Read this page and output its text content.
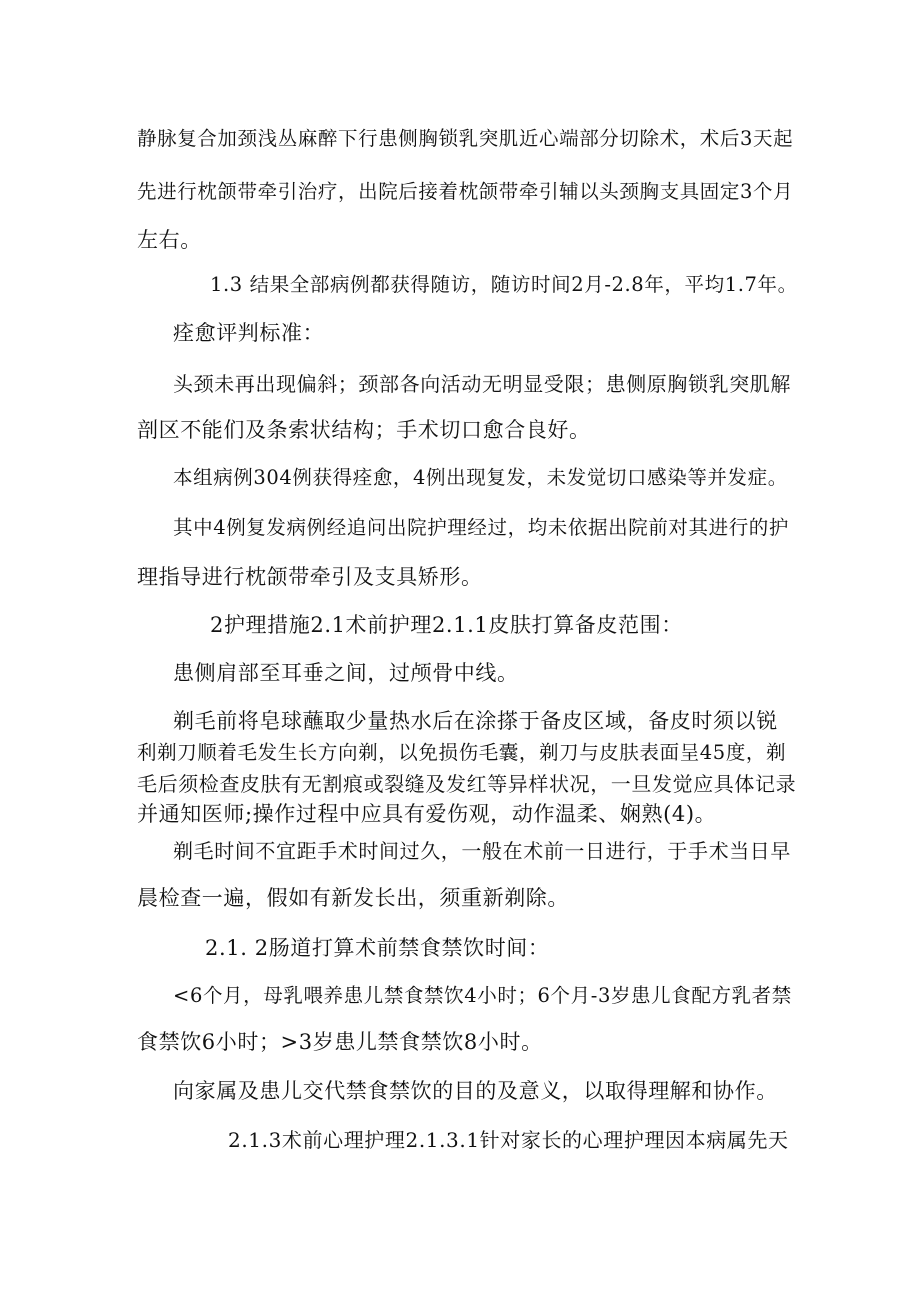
静脉复合加颈浅丛麻醉下行患侧胸锁乳突肌近心端部分切除术，术后3天起
先进行枕颌带牵引治疗，出院后接着枕颌带牵引辅以头颈胸支具固定3个月
左右。
1.3 结果全部病例都获得随访，随访时间2月-2.8年，平均1.7年。
痊愈评判标准：
头颈未再出现偏斜；颈部各向活动无明显受限；患侧原胸锁乳突肌解
剖区不能们及条索状结构；手术切口愈合良好。
本组病例304例获得痊愈，4例出现复发，未发觉切口感染等并发症。
其中4例复发病例经追问出院护理经过，均未依据出院前对其进行的护
理指导进行枕颌带牵引及支具矫形。
2护理措施2.1术前护理2.1.1皮肤打算备皮范围：
患侧肩部至耳垂之间，过颅骨中线。
剃毛前将皂球蘸取少量热水后在涂搽于备皮区域，备皮时须以锐
利剃刀顺着毛发生长方向剃，以免损伤毛囊，剃刀与皮肤表面呈45度，剃
毛后须检查皮肤有无割痕或裂缝及发红等异样状况，一旦发觉应具体记录
并通知医师;操作过程中应具有爱伤观，动作温柔、娴熟(4)。
剃毛时间不宜距手术时间过久，一般在术前一日进行，于手术当日早
晨检查一遍，假如有新发长出，须重新剃除。
2.1. 2肠道打算术前禁食禁饮时间：
<6个月，母乳喂养患儿禁食禁饮4小时；6个月-3岁患儿食配方乳者禁
食禁饮6小时；>3岁患儿禁食禁饮8小时。
向家属及患儿交代禁食禁饮的目的及意义，以取得理解和协作。
2.1.3术前心理护理2.1.3.1针对家长的心理护理因本病属先天
